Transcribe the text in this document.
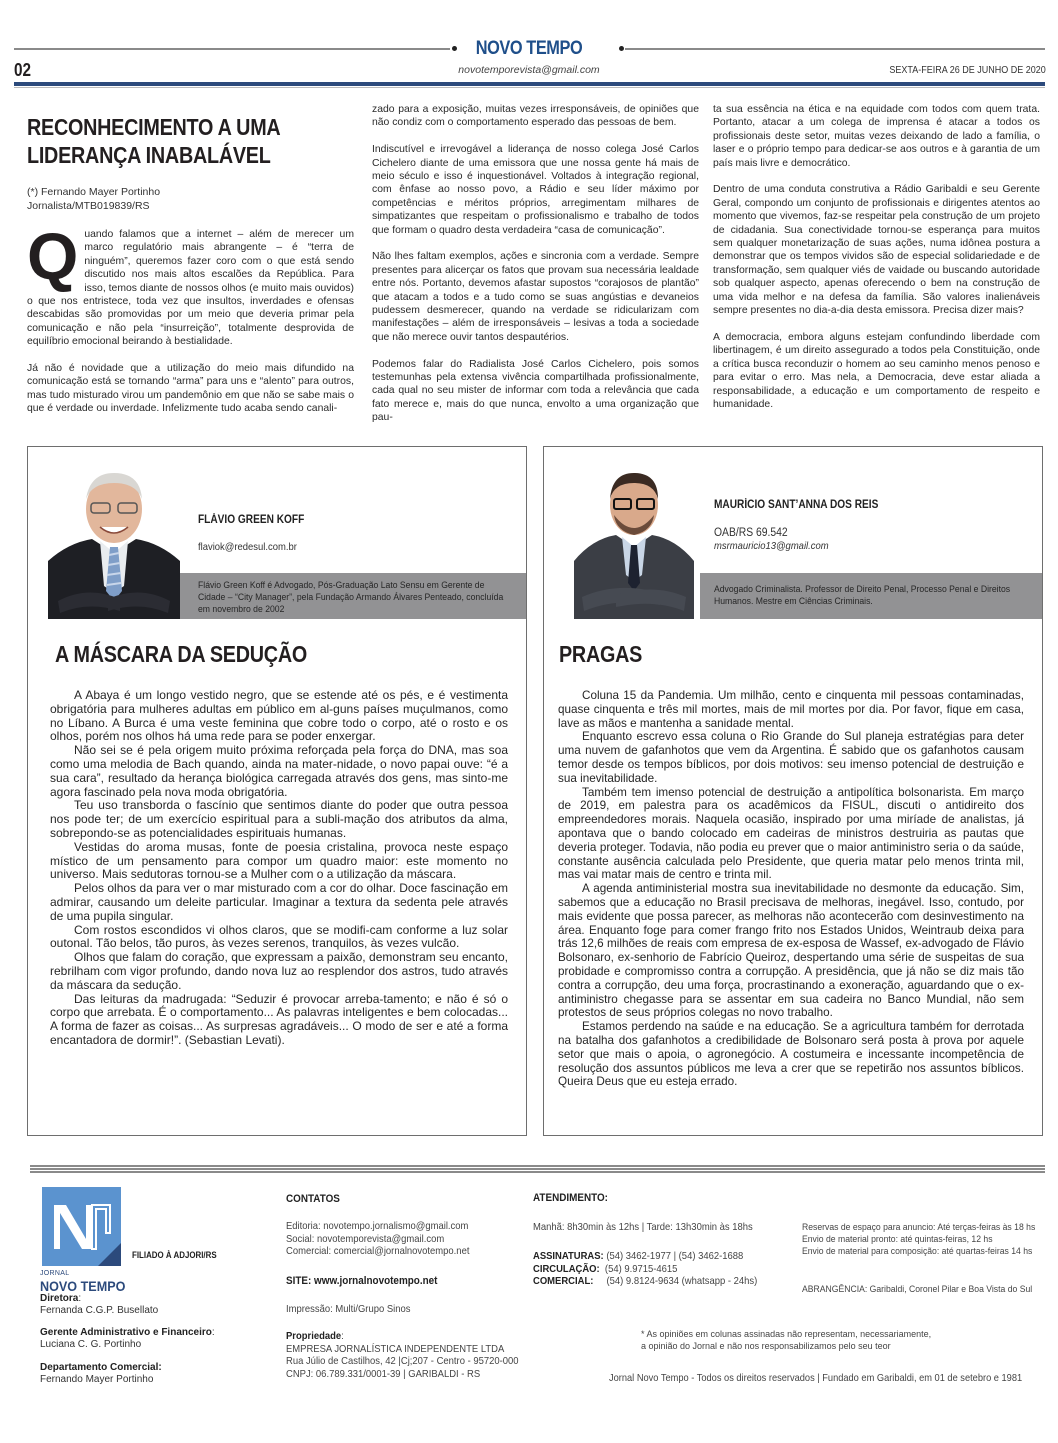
NOVO TEMPO
02	novotemporevista@gmail.com	SEXTA-FEIRA 26 DE JUNHO DE 2020
RECONHECIMENTO A UMA LIDERANÇA INABALÁVEL
(*) Fernando Mayer Portinho
Jornalista/MTB019839/RS

Quando falamos que a internet – além de merecer um marco regulatório mais abrangente – é “terra de ninguém”, queremos fazer coro com o que está sendo discutido nos mais altos escalões da República. Para isso, temos diante de nossos olhos (e muito mais ouvidos) o que nos entristece, toda vez que insultos, inverdades e ofensas descabidas são promovidas por um meio que deveria primar pela comunicação e não pela “insurreição”, totalmente desprovida de equilíbrio emocional beirando à bestialidade.

Já não é novidade que a utilização do meio mais difundido na comunicação está se tornando “arma” para uns e “alento” para outros, mas tudo misturado virou um pandemônio em que não se sabe mais o que é verdade ou inverdade. Infelizmente tudo acaba sendo canali-

zado para a exposição, muitas vezes irresponsáveis, de opiniões que não condiz com o comportamento esperado das pessoas de bem.

Indiscutível e irrevogável a liderança de nosso colega José Carlos Cichelero diante de uma emissora que une nossa gente há mais de meio século e isso é inquestionável. Voltados à integração regional, com ênfase ao nosso povo, a Rádio e seu líder máximo por competências e méritos próprios, arregimentam milhares de simpatizantes que respeitam o profissionalismo e trabalho de todos que formam o quadro desta verdadeira “casa de comunicação”.

Não lhes faltam exemplos, ações e sincronia com a verdade. Sempre presentes para alicerçar os fatos que provam sua necessária lealdade entre nós. Portanto, devemos afastar supostos “corajosos de plantão” que atacam a todos e a tudo como se suas angústias e devaneios pudessem desmerecer, quando na verdade se ridicularizam com manifestações – além de irresponsáveis – lesivas a toda a sociedade que não merece ouvir tantos despautérios.

Podemos falar do Radialista José Carlos Cichelero, pois somos testemunhas pela extensa vivência compartilhada profissionalmente, cada qual no seu mister de informar com toda a relevância que cada fato merece e, mais do que nunca, envolto a uma organização que pau-

ta sua essência na ética e na equidade com todos com quem trata. Portanto, atacar a um colega de imprensa é atacar a todos os profissionais deste setor, muitas vezes deixando de lado a família, o laser e o próprio tempo para dedicar-se aos outros e à garantia de um país mais livre e democrático.

Dentro de uma conduta construtiva a Rádio Garibaldi e seu Gerente Geral, compondo um conjunto de profissionais e dirigentes atentos ao momento que vivemos, faz-se respeitar pela construção de um projeto de cidadania. Sua conectividade tornou-se esperança para muitos sem qualquer monetarização de suas ações, numa idônea postura a demonstrar que os tempos vividos são de especial solidariedade e de transformação, sem qualquer viés de vaidade ou buscando autoridade sob qualquer aspecto, apenas oferecendo o bem na construção de uma vida melhor e na defesa da família. São valores inalienáveis sempre presentes no dia-a-dia desta emissora. Precisa dizer mais?

A democracia, embora alguns estejam confundindo liberdade com libertinagem, é um direito assegurado a todos pela Constituição, onde a crítica busca reconduzir o homem ao seu caminho menos penoso e para evitar o erro. Mas nela, a Democracia, deve estar aliada a responsabilidade, a educação e um comportamento de respeito e humanidade.

FLÁVIO GREEN KOFF
flaviok@redesul.com.br
Flávio Green Koff é Advogado, Pós-Graduação Lato Sensu em Gerente de Cidade – “City Manager”, pela Fundação Armando Álvares Penteado, concluída em novembro de 2002
A MÁSCARA DA SEDUÇÃO

A Abaya é um longo vestido negro, que se estende até os pés, e é vestimenta obrigatória para mulheres adultas em público em al-guns países muçulmanos, como no Líbano. A Burca é uma veste feminina que cobre todo o corpo, até o rosto e os olhos, porém nos olhos há uma rede para se poder enxergar.

Não sei se é pela origem muito próxima reforçada pela força do DNA, mas soa como uma melodia de Bach quando, ainda na mater-nidade, o novo papai ouve: “é a sua cara”, resultado da herança biológica carregada através dos gens, mas sinto-me agora fascinado pela nova moda obrigatória.

Teu uso transborda o fascínio que sentimos diante do poder que outra pessoa nos pode ter; de um exercício espiritual para a subli-mação dos atributos da alma, sobrepondo-se as potencialidades espirituais humanas.

Vestidas do aroma musas, fonte de poesia cristalina, provoca neste espaço místico de um pensamento para compor um quadro maior: este momento no universo. Mais sedutoras tornou-se a Mulher com o a utilização da máscara.

Pelos olhos da para ver o mar misturado com a cor do olhar. Doce fascinação em admirar, causando um deleite particular. Imaginar a textura da sedenta pele através de uma pupila singular.

Com rostos escondidos vi olhos claros, que se modifi-cam conforme a luz solar outonal. Tão belos, tão puros, às vezes serenos, tranquilos, às vezes vulcão.

Olhos que falam do coração, que expressam a paixão, demonstram seu encanto, rebrilham com vigor profundo, dando nova luz ao resplendor dos astros, tudo através da máscara da sedução.

Das leituras da madrugada: “Seduzir é provocar arreba-tamento; e não é só o corpo que arrebata. É o comportamento... As palavras inteligentes e bem colocadas... A forma de fazer as coisas... As surpresas agradáveis... O modo de ser e até a forma encantadora de dormir!”. (Sebastian Levati).

MAURÍCIO SANT’ANNA DOS REIS
OAB/RS 69.542
msrmauricio13@gmail.com
Advogado Criminalista. Professor de Direito Penal, Processo Penal e Direitos Humanos. Mestre em Ciências Criminais.
PRAGAS

Coluna 15 da Pandemia. Um milhão, cento e cinquenta mil pessoas contaminadas, quase cinquenta e três mil mortes, mais de mil mortes por dia. Por favor, fique em casa, lave as mãos e mantenha a sanidade mental.

Enquanto escrevo essa coluna o Rio Grande do Sul planeja estratégias para deter uma nuvem de gafanhotos que vem da Argentina. É sabido que os gafanhotos causam temor desde os tempos bíblicos, por dois motivos: seu imenso potencial de destruição e sua inevitabilidade.

Também tem imenso potencial de destruição a antipolítica bolsonarista. Em março de 2019, em palestra para os acadêmicos da FISUL, discuti o antidireito dos empreendedores morais. Naquela ocasião, inspirado por uma miríade de analistas, já apontava que o bando colocado em cadeiras de ministros destruiria as pautas que deveria proteger. Todavia, não podia eu prever que o maior antiministro seria o da saúde, constante ausência calculada pelo Presidente, que queria matar pelo menos trinta mil, mas vai matar mais de centro e trinta mil.

A agenda antiministerial mostra sua inevitabilidade no desmonte da educação. Sim, sabemos que a educação no Brasil precisava de melhoras, inegável. Isso, contudo, por mais evidente que possa parecer, as melhoras não acontecerão com desinvestimento na área. Enquanto foge para comer frango frito nos Estados Unidos, Weintraub deixa para trás 12,6 milhões de reais com empresa de ex-esposa de Wassef, ex-advogado de Flávio Bolsonaro, ex-senhorio de Fabrício Queiroz, despertando uma série de suspeitas de sua probidade e compromisso contra a corrupção. A presidência, que já não se diz mais tão contra a corrupção, deu uma força, procrastinando a exoneração, aguardando que o ex-antiministro chegasse para se assentar em sua cadeira no Banco Mundial, não sem protestos de seus próprios colegas no novo trabalho.

Estamos perdendo na saúde e na educação. Se a agricultura também for derrotada na batalha dos gafanhotos a credibilidade de Bolsonaro será posta à prova por aquele setor que mais o apoia, o agronegócio. A costumeira e incessante incompetência de resolução dos assuntos públicos me leva a crer que se repetirão nos assuntos bíblicos. Queira Deus que eu esteja errado.

JORNAL
NOVO TEMPO
FILIADO À ADJORI/RS
Diretora:
Fernanda C.G.P. Busellato
Gerente Administrativo e Financeiro:
Luciana C. G. Portinho
Departamento Comercial:
Fernando Mayer Portinho
CONTATOS
Editoria: novotempo.jornalismo@gmail.com
Social: novotemporevista@gmail.com
Comercial: comercial@jornalnovotempo.net
SITE: www.jornalnovotempo.net
Impressão: Multi/Grupo Sinos
Propriedade:
EMPRESA JORNALÍSTICA INDEPENDENTE LTDA
Rua Júlio de Castilhos, 42 |Cj;207 - Centro - 95720-000
CNPJ: 06.789.331/0001-39 | GARIBALDI - RS
ATENDIMENTO:
Manhã: 8h30min às 12hs | Tarde: 13h30min às 18hs
ASSINATURAS: (54) 3462-1977 | (54) 3462-1688
CIRCULAÇÃO: (54) 9.9715-4615
COMERCIAL: (54) 9.8124-9634 (whatsapp - 24hs)
Reservas de espaço para anuncio: Até terças-feiras às 18 hs
Envio de material pronto: até quintas-feiras, 12 hs
Envio de material para composição: até quartas-feiras 14 hs
ABRANGÊNCIA: Garibaldi, Coronel Pilar e Boa Vista do Sul
* As opiniões em colunas assinadas não representam, necessariamente,
a opinião do Jornal e não nos responsabilizamos pelo seu teor
Jornal Novo Tempo - Todos os direitos reservados | Fundado em Garibaldi, em 01 de setebro e 1981
